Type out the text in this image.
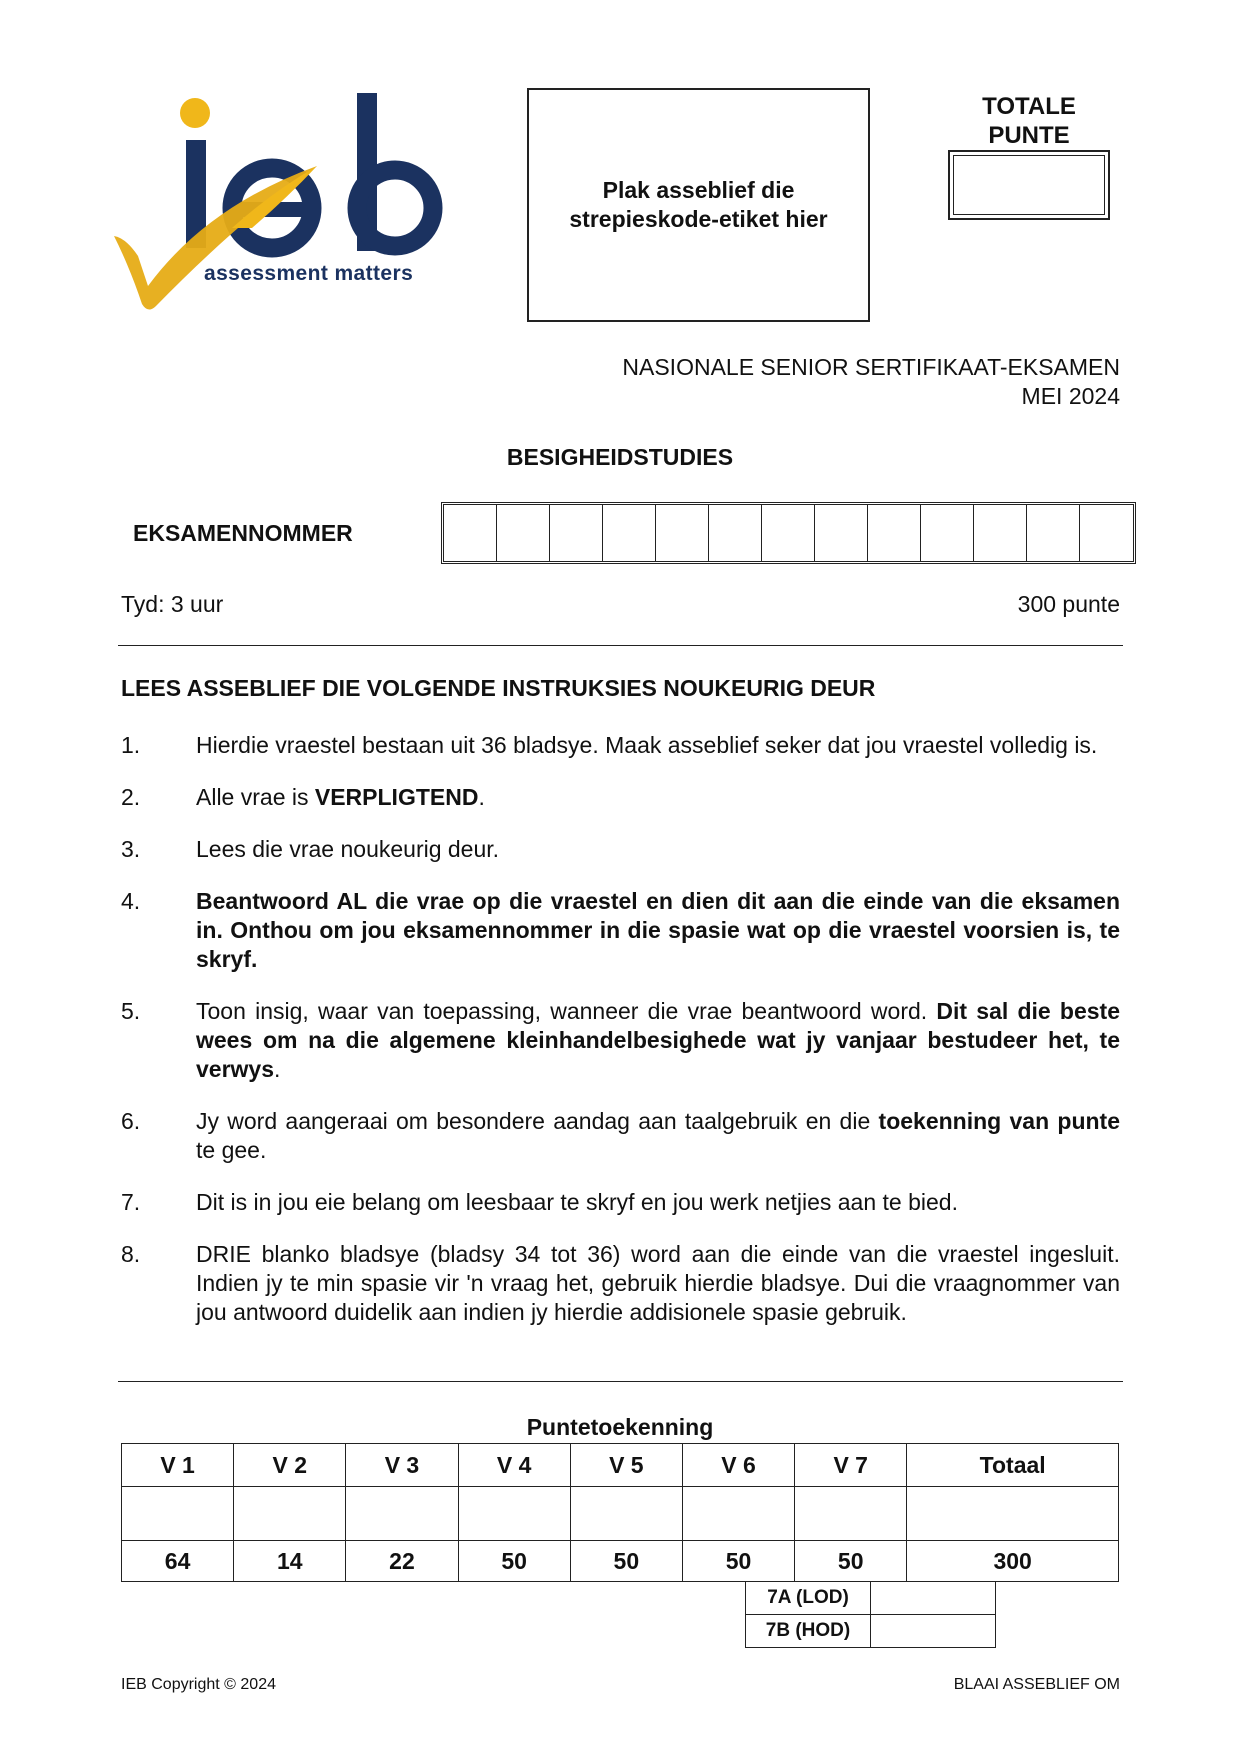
assessment matters
Plak asseblief die strepieskode-etiket hier
TOTALE PUNTE
NASIONALE SENIOR SERTIFIKAAT-EKSAMEN
MEI 2024
BESIGHEIDSTUDIES
EKSAMENNOMMER
Tyd: 3 uur	300 punte
LEES ASSEBLIEF DIE VOLGENDE INSTRUKSIES NOUKEURIG DEUR
1.	Hierdie vraestel bestaan uit 36 bladsye. Maak asseblief seker dat jou vraestel volledig is.
2.	Alle vrae is VERPLIGTEND.
3.	Lees die vrae noukeurig deur.
4.	Beantwoord AL die vrae op die vraestel en dien dit aan die einde van die eksamen in. Onthou om jou eksamennommer in die spasie wat op die vraestel voorsien is, te skryf.
5.	Toon insig, waar van toepassing, wanneer die vrae beantwoord word. Dit sal die beste wees om na die algemene kleinhandelbesighede wat jy vanjaar bestudeer het, te verwys.
6.	Jy word aangeraai om besondere aandag aan taalgebruik en die toekenning van punte te gee.
7.	Dit is in jou eie belang om leesbaar te skryf en jou werk netjies aan te bied.
8.	DRIE blanko bladsye (bladsy 34 tot 36) word aan die einde van die vraestel ingesluit. Indien jy te min spasie vir 'n vraag het, gebruik hierdie bladsye. Dui die vraagnommer van jou antwoord duidelik aan indien jy hierdie addisionele spasie gebruik.
Puntetoekenning
V 1	V 2	V 3	V 4	V 5	V 6	V 7	Totaal

64	14	22	50	50	50	50	300
7A (LOD)	
7B (HOD)	
IEB Copyright © 2024	BLAAI ASSEBLIEF OM
